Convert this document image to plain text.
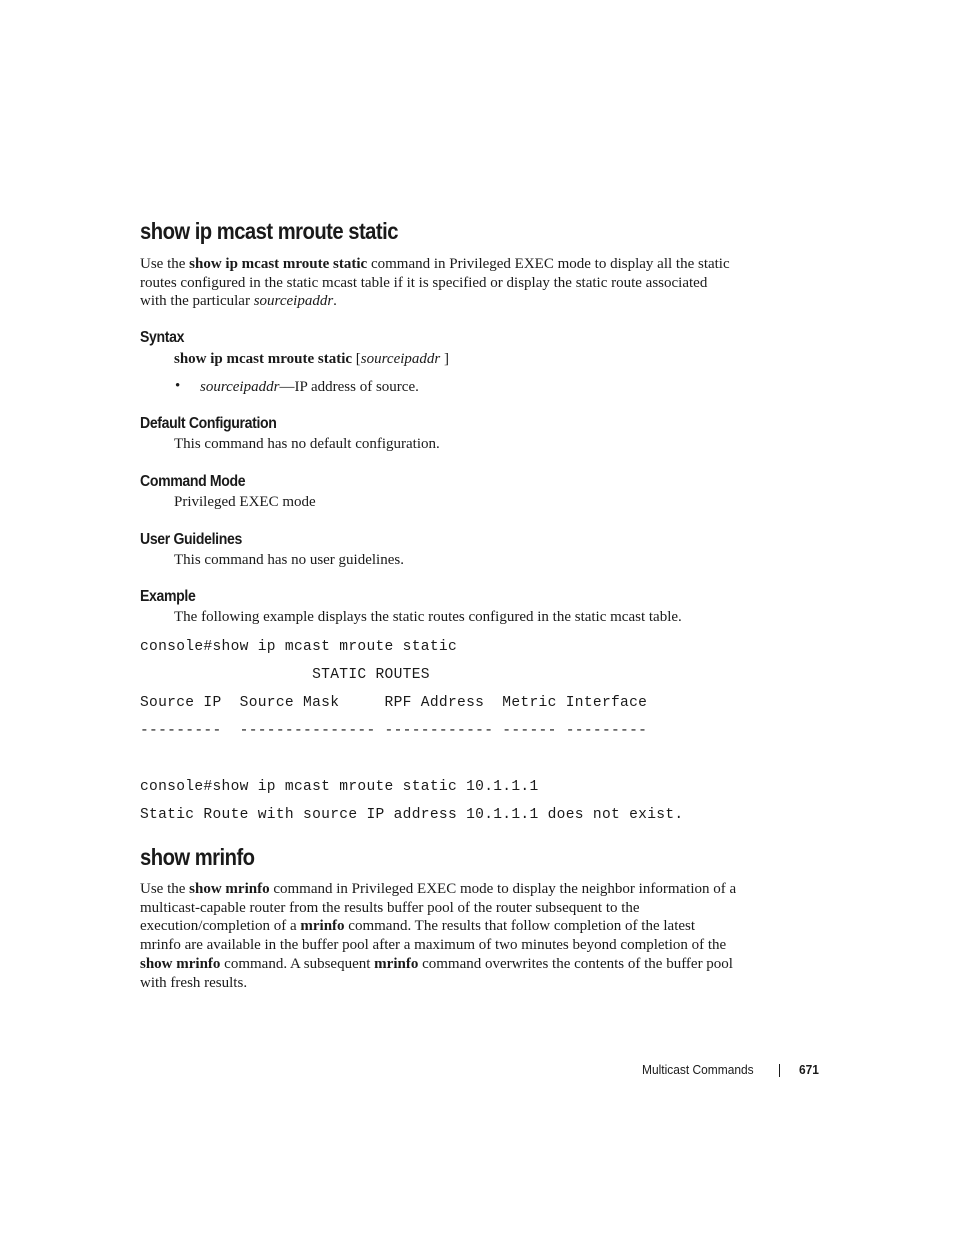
show ip mcast mroute static

Use the show ip mcast mroute static command in Privileged EXEC mode to display all the static
routes configured in the static mcast table if it is specified or display the static route associated
with the particular sourceipaddr.

Syntax

show ip mcast mroute static [sourceipaddr ]

• sourceipaddr—IP address of source.

Default Configuration

This command has no default configuration.

Command Mode

Privileged EXEC mode

User Guidelines

This command has no user guidelines.

Example

The following example displays the static routes configured in the static mcast table.

console#show ip mcast mroute static
STATIC ROUTES
Source IP  Source Mask     RPF Address  Metric Interface
---------  --------------- ------------ ------ ---------
console#show ip mcast mroute static 10.1.1.1
Static Route with source IP address 10.1.1.1 does not exist.
show mrinfo

Use the show mrinfo command in Privileged EXEC mode to display the neighbor information of a
multicast-capable router from the results buffer pool of the router subsequent to the
execution/completion of a mrinfo command. The results that follow completion of the latest
mrinfo are available in the buffer pool after a maximum of two minutes beyond completion of the
show mrinfo command. A subsequent mrinfo command overwrites the contents of the buffer pool
with fresh results.

Multicast Commands	671
